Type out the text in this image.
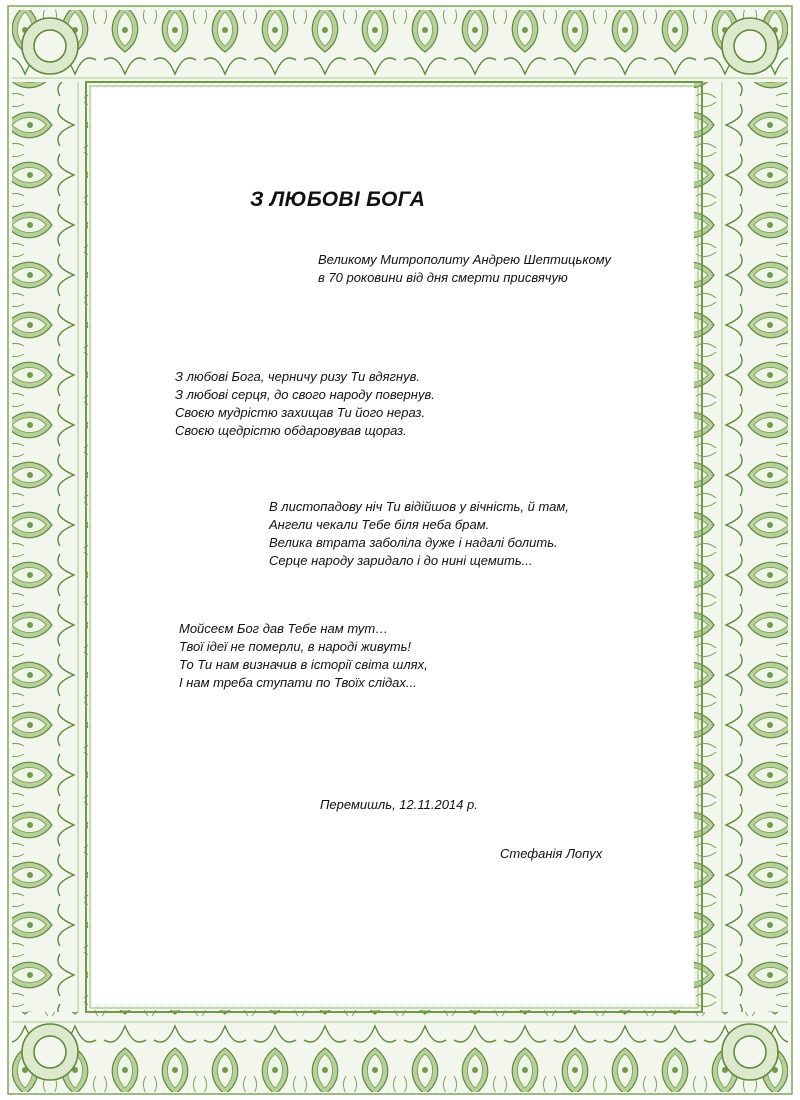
З ЛЮБОВІ БОГА
Великому Митрополиту Андрею Шептицькому
в 70 роковини від дня смерти присвячую
З любові Бога, черничу ризу Ти вдягнув.
З любові серця, до свого народу повернув.
Своєю мудрістю захищав Ти його нераз.
Своєю щедрістю обдаровував щораз.
В листопадову ніч Ти відійшов у вічність, й там,
Ангели чекали Тебе біля неба брам.
Велика втрата заболіла дуже і надалі болить.
Серце народу заридало і до нині щемить...
Мойсеєм Бог дав Тебе нам тут…
Твої ідеї не померли, в народі живуть!
То Ти нам визначив в історії світа шлях,
І нам треба ступати по Твоїх слідах...
Перемишль, 12.11.2014 р.
Стефанія Лопух
